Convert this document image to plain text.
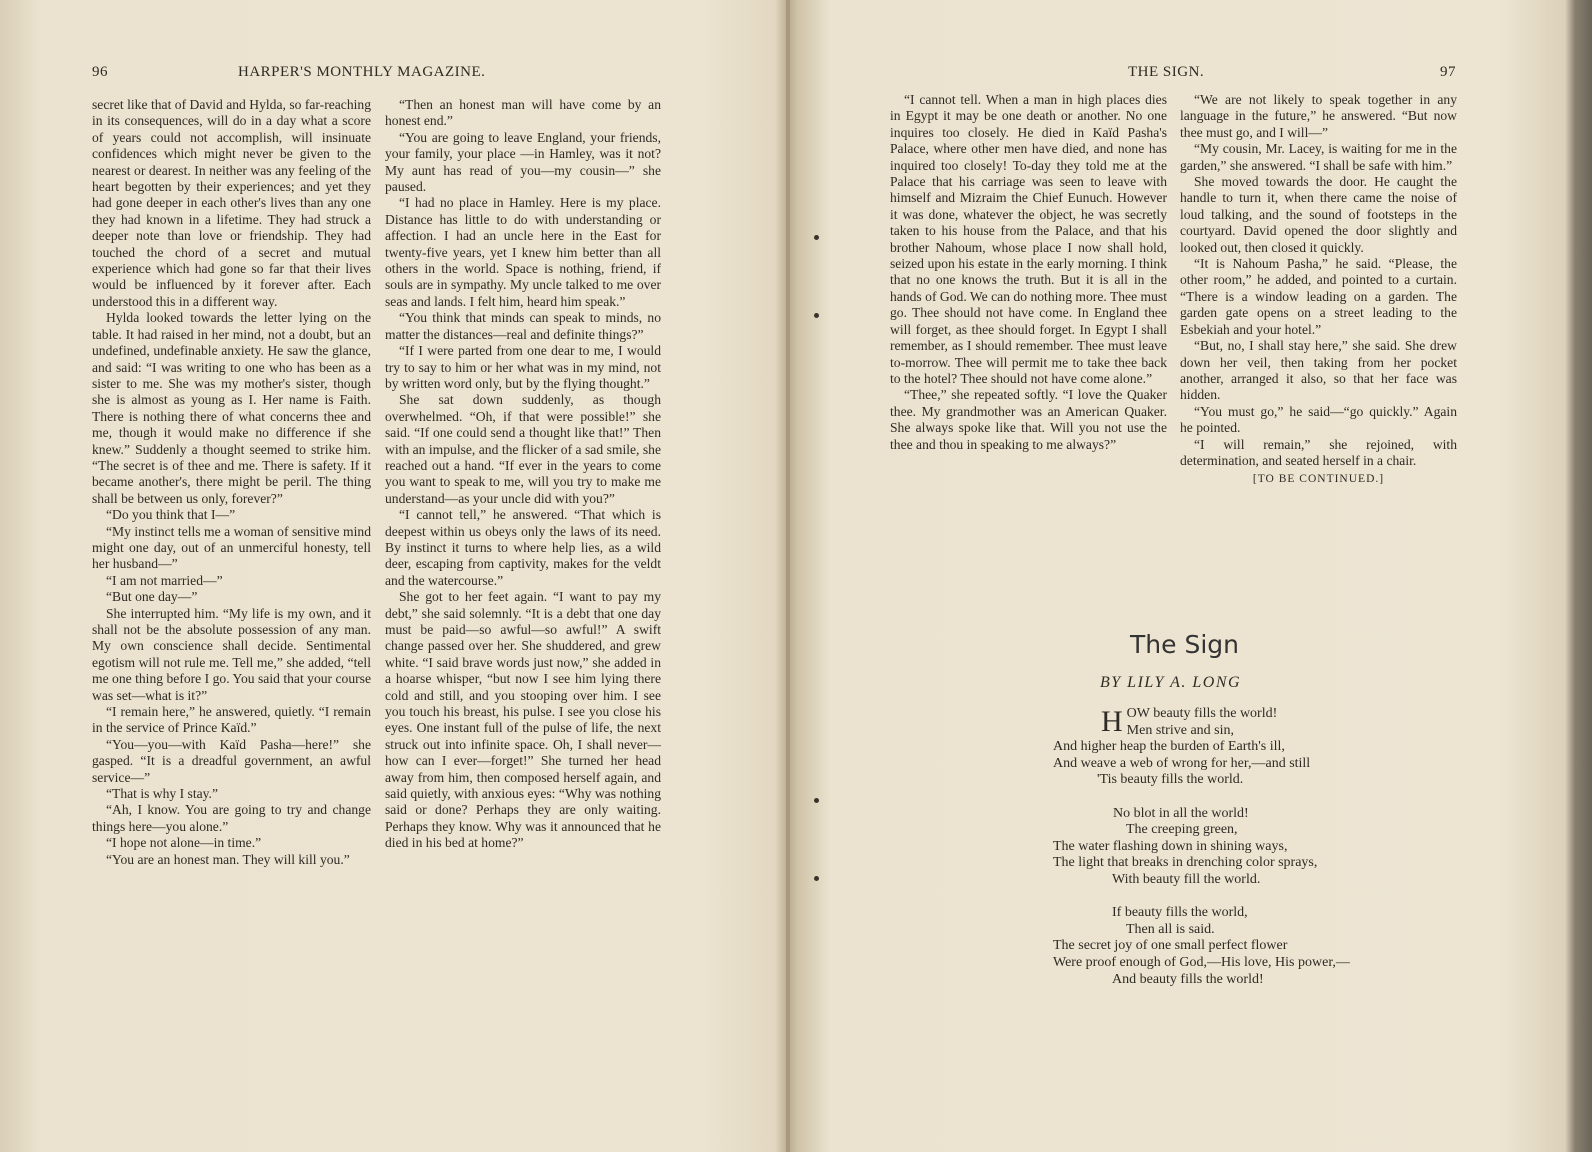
96	HARPER'S MONTHLY MAGAZINE.

secret like that of David and Hylda, so far-reaching in its consequences, will do in a day what a score of years could not accomplish, will insinuate confidences which might never be given to the nearest or dearest. In neither was any feeling of the heart begotten by their experiences; and yet they had gone deeper in each other's lives than any one they had known in a lifetime. They had struck a deeper note than love or friendship. They had touched the chord of a secret and mutual experience which had gone so far that their lives would be influenced by it forever after. Each understood this in a different way.

Hylda looked towards the letter lying on the table. It had raised in her mind, not a doubt, but an undefined, undefinable anxiety. He saw the glance, and said: “I was writing to one who has been as a sister to me. She was my mother's sister, though she is almost as young as I. Her name is Faith. There is nothing there of what concerns thee and me, though it would make no difference if she knew.” Suddenly a thought seemed to strike him. “The secret is of thee and me. There is safety. If it became another's, there might be peril. The thing shall be between us only, forever?”

“Do you think that I—”

“My instinct tells me a woman of sensitive mind might one day, out of an unmerciful honesty, tell her husband—”

“I am not married—”

“But one day—”

She interrupted him. “My life is my own, and it shall not be the absolute possession of any man. My own conscience shall decide. Sentimental egotism will not rule me. Tell me,” she added, “tell me one thing before I go. You said that your course was set—what is it?”

“I remain here,” he answered, quietly. “I remain in the service of Prince Kaïd.”

“You—you—with Kaïd Pasha—here!” she gasped. “It is a dreadful government, an awful service—”

“That is why I stay.”

“Ah, I know. You are going to try and change things here—you alone.”

“I hope not alone—in time.”

“You are an honest man. They will kill you.”

“Then an honest man will have come by an honest end.”

“You are going to leave England, your friends, your family, your place —in Hamley, was it not? My aunt has read of you—my cousin—” she paused.

“I had no place in Hamley. Here is my place. Distance has little to do with understanding or affection. I had an uncle here in the East for twenty-five years, yet I knew him better than all others in the world. Space is nothing, friend, if souls are in sympathy. My uncle talked to me over seas and lands. I felt him, heard him speak.”

“You think that minds can speak to minds, no matter the distances—real and definite things?”

“If I were parted from one dear to me, I would try to say to him or her what was in my mind, not by written word only, but by the flying thought.”

She sat down suddenly, as though overwhelmed. “Oh, if that were possible!” she said. “If one could send a thought like that!” Then with an impulse, and the flicker of a sad smile, she reached out a hand. “If ever in the years to come you want to speak to me, will you try to make me understand—as your uncle did with you?”

“I cannot tell,” he answered. “That which is deepest within us obeys only the laws of its need. By instinct it turns to where help lies, as a wild deer, escaping from captivity, makes for the veldt and the watercourse.”

She got to her feet again. “I want to pay my debt,” she said solemnly. “It is a debt that one day must be paid—so awful—so awful!” A swift change passed over her. She shuddered, and grew white. “I said brave words just now,” she added in a hoarse whisper, “but now I see him lying there cold and still, and you stooping over him. I see you touch his breast, his pulse. I see you close his eyes. One instant full of the pulse of life, the next struck out into infinite space. Oh, I shall never—how can I ever—forget!” She turned her head away from him, then composed herself again, and said quietly, with anxious eyes: “Why was nothing said or done? Perhaps they are only waiting. Perhaps they know. Why was it announced that he died in his bed at home?”

THE SIGN.	97

“I cannot tell. When a man in high places dies in Egypt it may be one death or another. No one inquires too closely. He died in Kaïd Pasha's Palace, where other men have died, and none has inquired too closely! To-day they told me at the Palace that his carriage was seen to leave with himself and Mizraim the Chief Eunuch. However it was done, whatever the object, he was secretly taken to his house from the Palace, and that his brother Nahoum, whose place I now shall hold, seized upon his estate in the early morning. I think that no one knows the truth. But it is all in the hands of God. We can do nothing more. Thee must go. Thee should not have come. In England thee will forget, as thee should forget. In Egypt I shall remember, as I should remember. Thee must leave to-morrow. Thee will permit me to take thee back to the hotel? Thee should not have come alone.”

“Thee,” she repeated softly. “I love the Quaker thee. My grandmother was an American Quaker. She always spoke like that. Will you not use the thee and thou in speaking to me always?”

“We are not likely to speak together in any language in the future,” he answered. “But now thee must go, and I will—”

“My cousin, Mr. Lacey, is waiting for me in the garden,” she answered. “I shall be safe with him.”

She moved towards the door. He caught the handle to turn it, when there came the noise of loud talking, and the sound of footsteps in the courtyard. David opened the door slightly and looked out, then closed it quickly.

“It is Nahoum Pasha,” he said. “Please, the other room,” he added, and pointed to a curtain. “There is a window leading on a garden. The garden gate opens on a street leading to the Esbekiah and your hotel.”

“But, no, I shall stay here,” she said. She drew down her veil, then taking from her pocket another, arranged it also, so that her face was hidden.

“You must go,” he said—“go quickly.” Again he pointed.

“I will remain,” she rejoined, with determination, and seated herself in a chair.

[TO BE CONTINUED.]

The Sign
BY LILY A. LONG
HOW beauty fills the world!
Men strive and sin,
And higher heap the burden of Earth's ill,
And weave a web of wrong for her,—and still
'Tis beauty fills the world.
No blot in all the world!
The creeping green,
The water flashing down in shining ways,
The light that breaks in drenching color sprays,
With beauty fill the world.
If beauty fills the world,
Then all is said.
The secret joy of one small perfect flower
Were proof enough of God,—His love, His power,—
And beauty fills the world!
